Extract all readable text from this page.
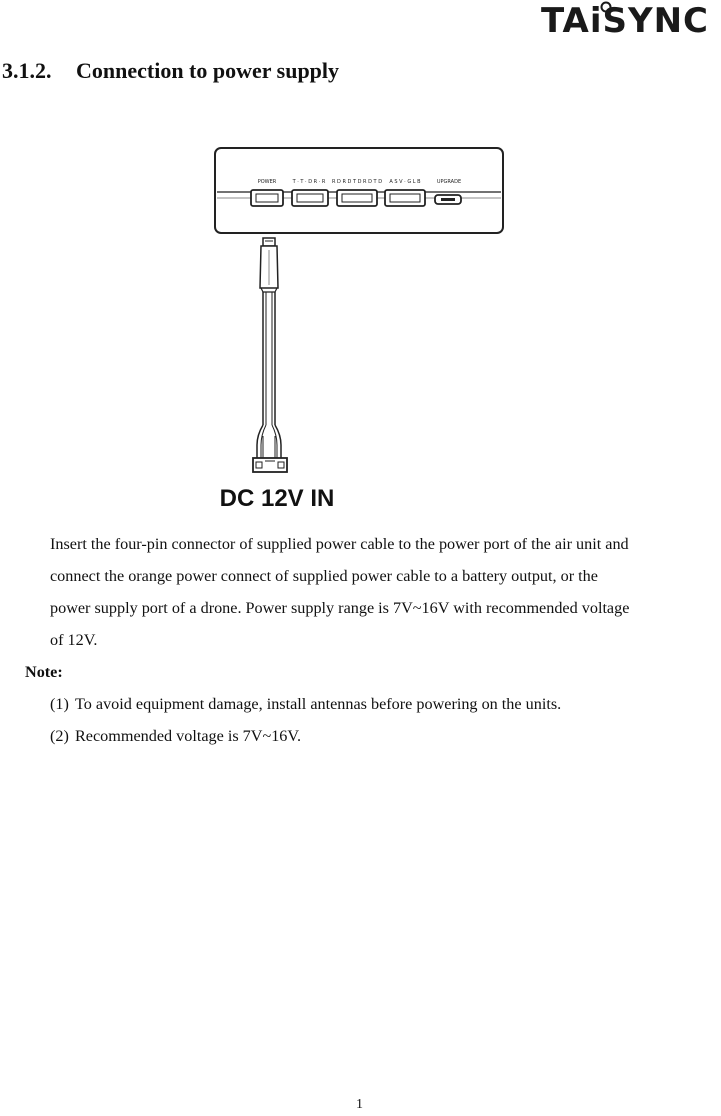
TAiSYNC
3.1.2. Connection to power supply
POWER	T · T · D R · R R D R D T D R D T D A S V · G L B	UPGRADE
DC 12V IN
Insert the four-pin connector of supplied power cable to the power port of the air unit and
connect the orange power connect of supplied power cable to a battery output, or the
power supply port of a drone. Power supply range is 7V~16V with recommended voltage
of 12V.

Note:

(1) To avoid equipment damage, install antennas before powering on the units.

(2) Recommended voltage is 7V~16V.

1
